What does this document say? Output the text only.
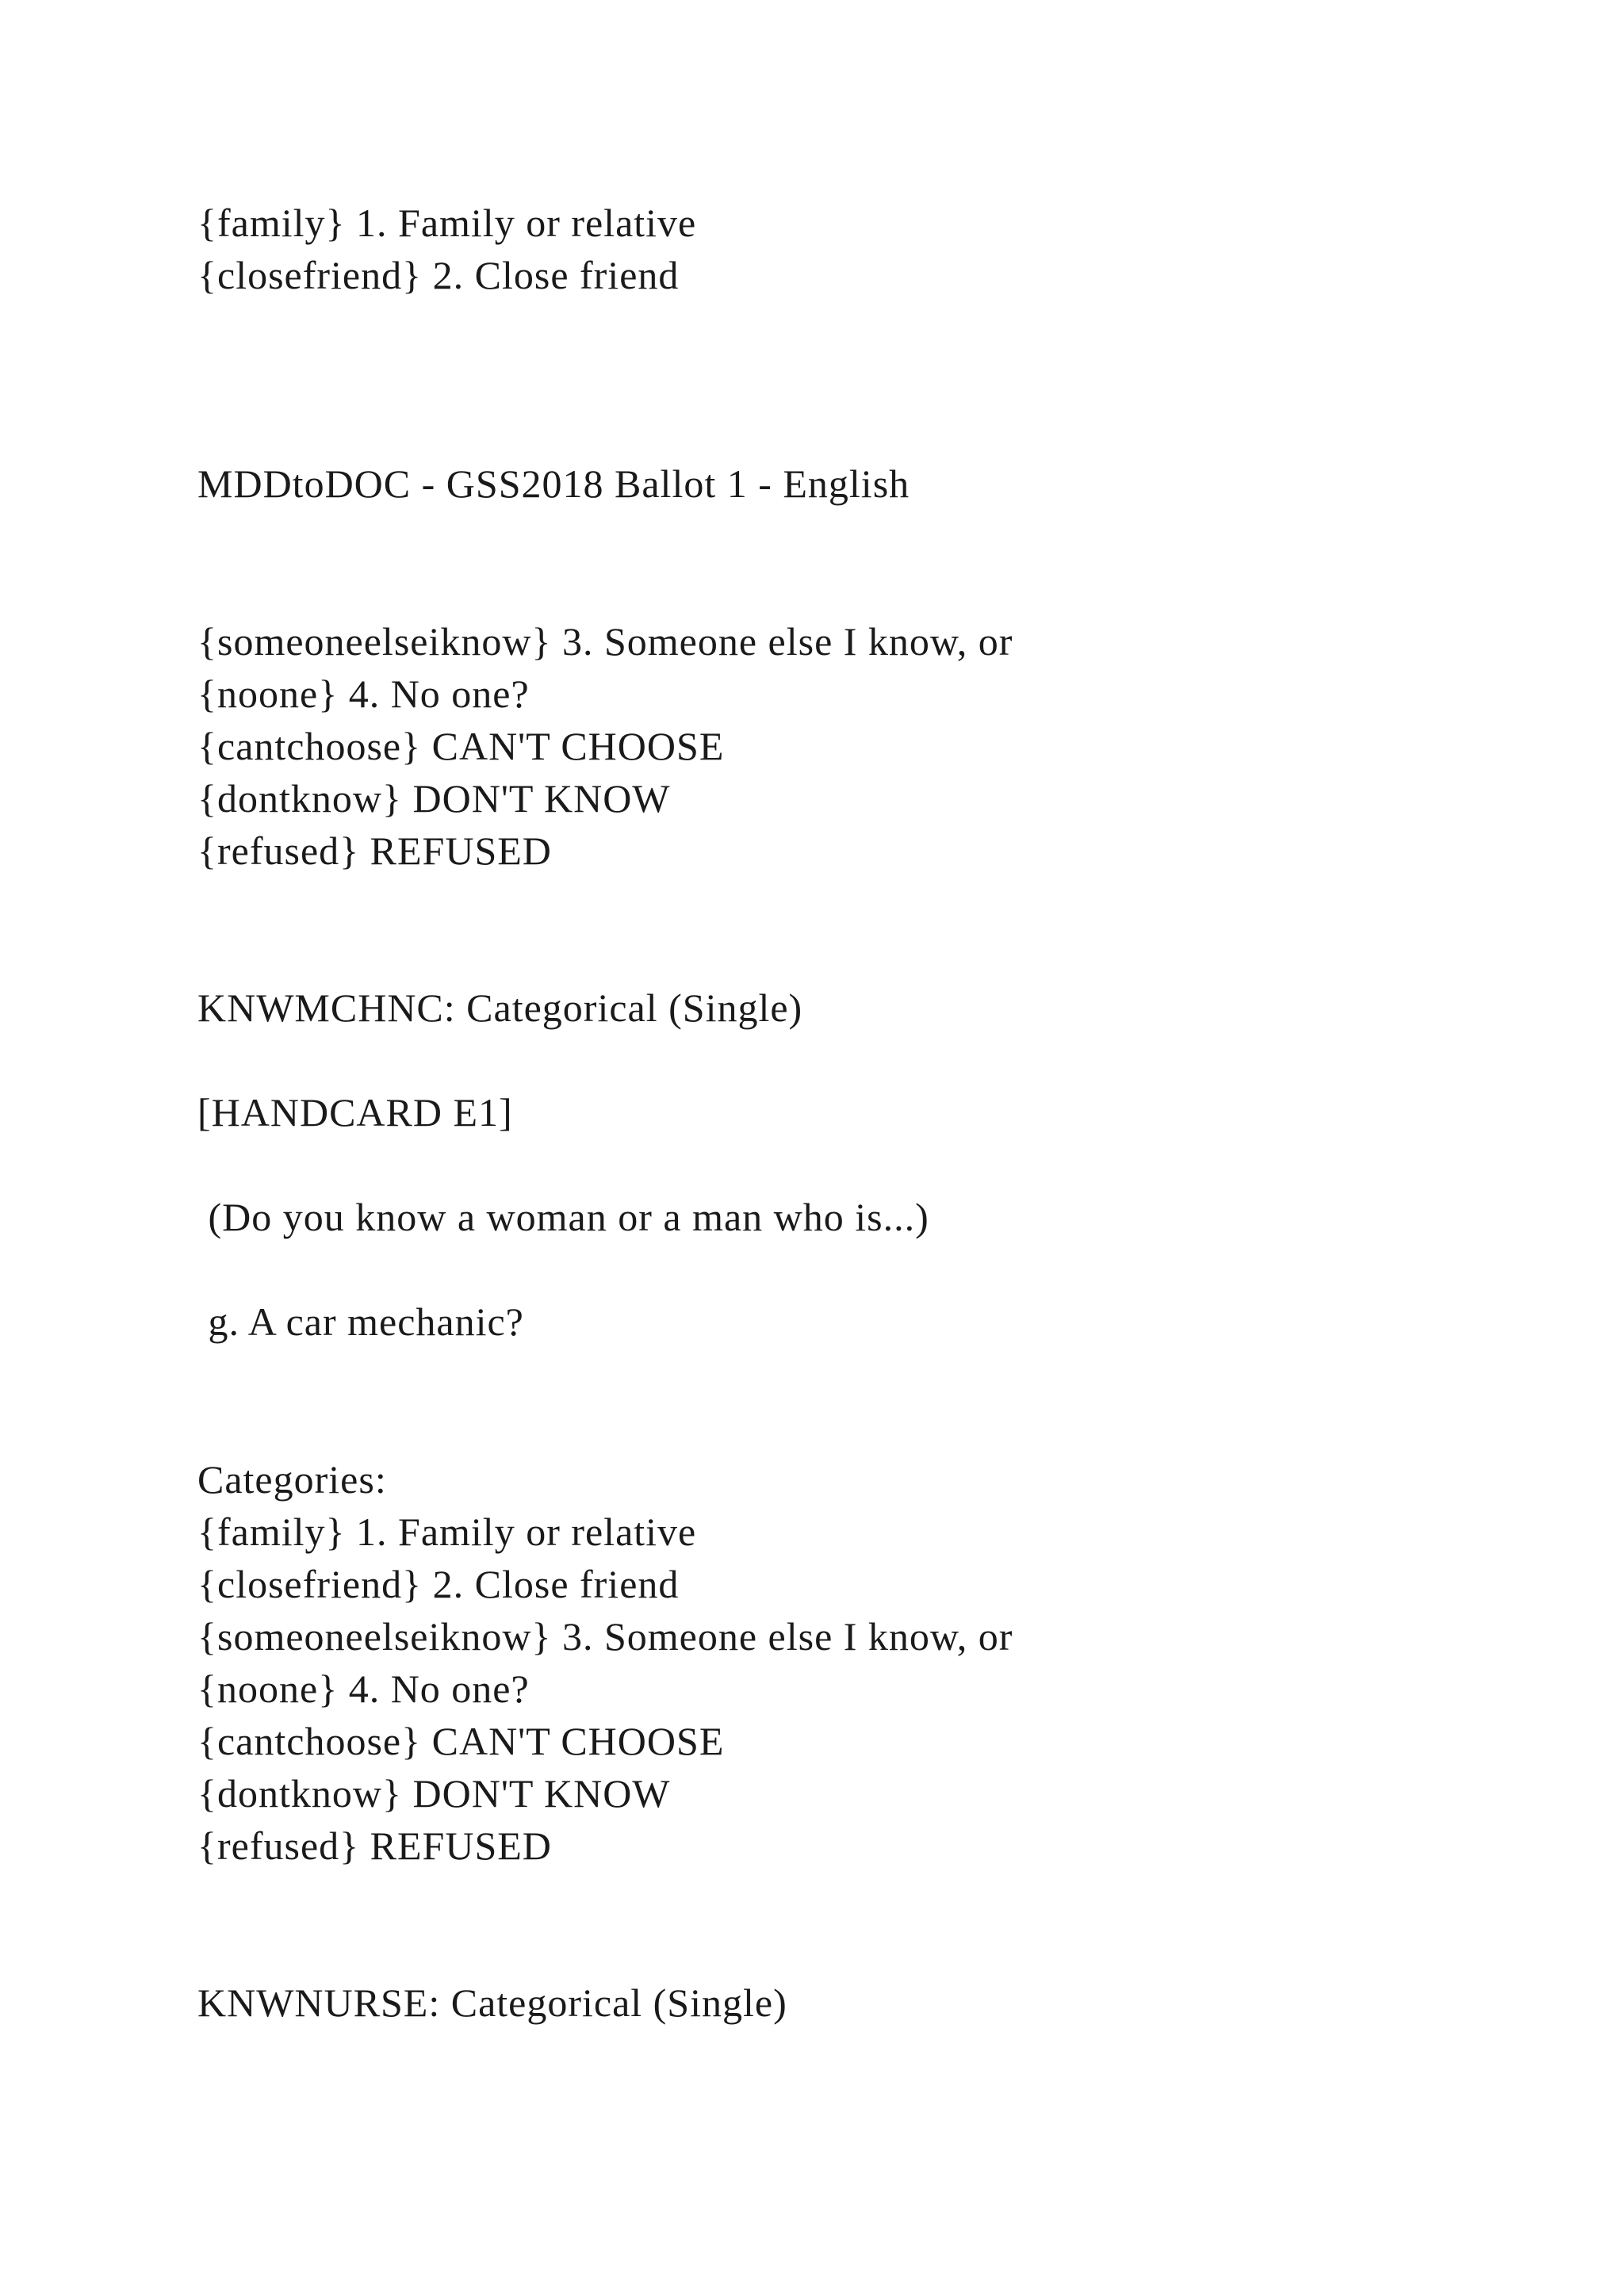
{family} 1. Family or relative
{closefriend} 2. Close friend
MDDtoDOC - GSS2018 Ballot 1 - English
{someoneelseiknow} 3. Someone else I know, or
{noone} 4. No one?
{cantchoose} CAN'T CHOOSE
{dontknow} DON'T KNOW
{refused} REFUSED
KNWMCHNC: Categorical (Single)
[HANDCARD E1]
(Do you know a woman or a man who is...)
g. A car mechanic?
Categories:
{family} 1. Family or relative
{closefriend} 2. Close friend
{someoneelseiknow} 3. Someone else I know, or
{noone} 4. No one?
{cantchoose} CAN'T CHOOSE
{dontknow} DON'T KNOW
{refused} REFUSED
KNWNURSE: Categorical (Single)
